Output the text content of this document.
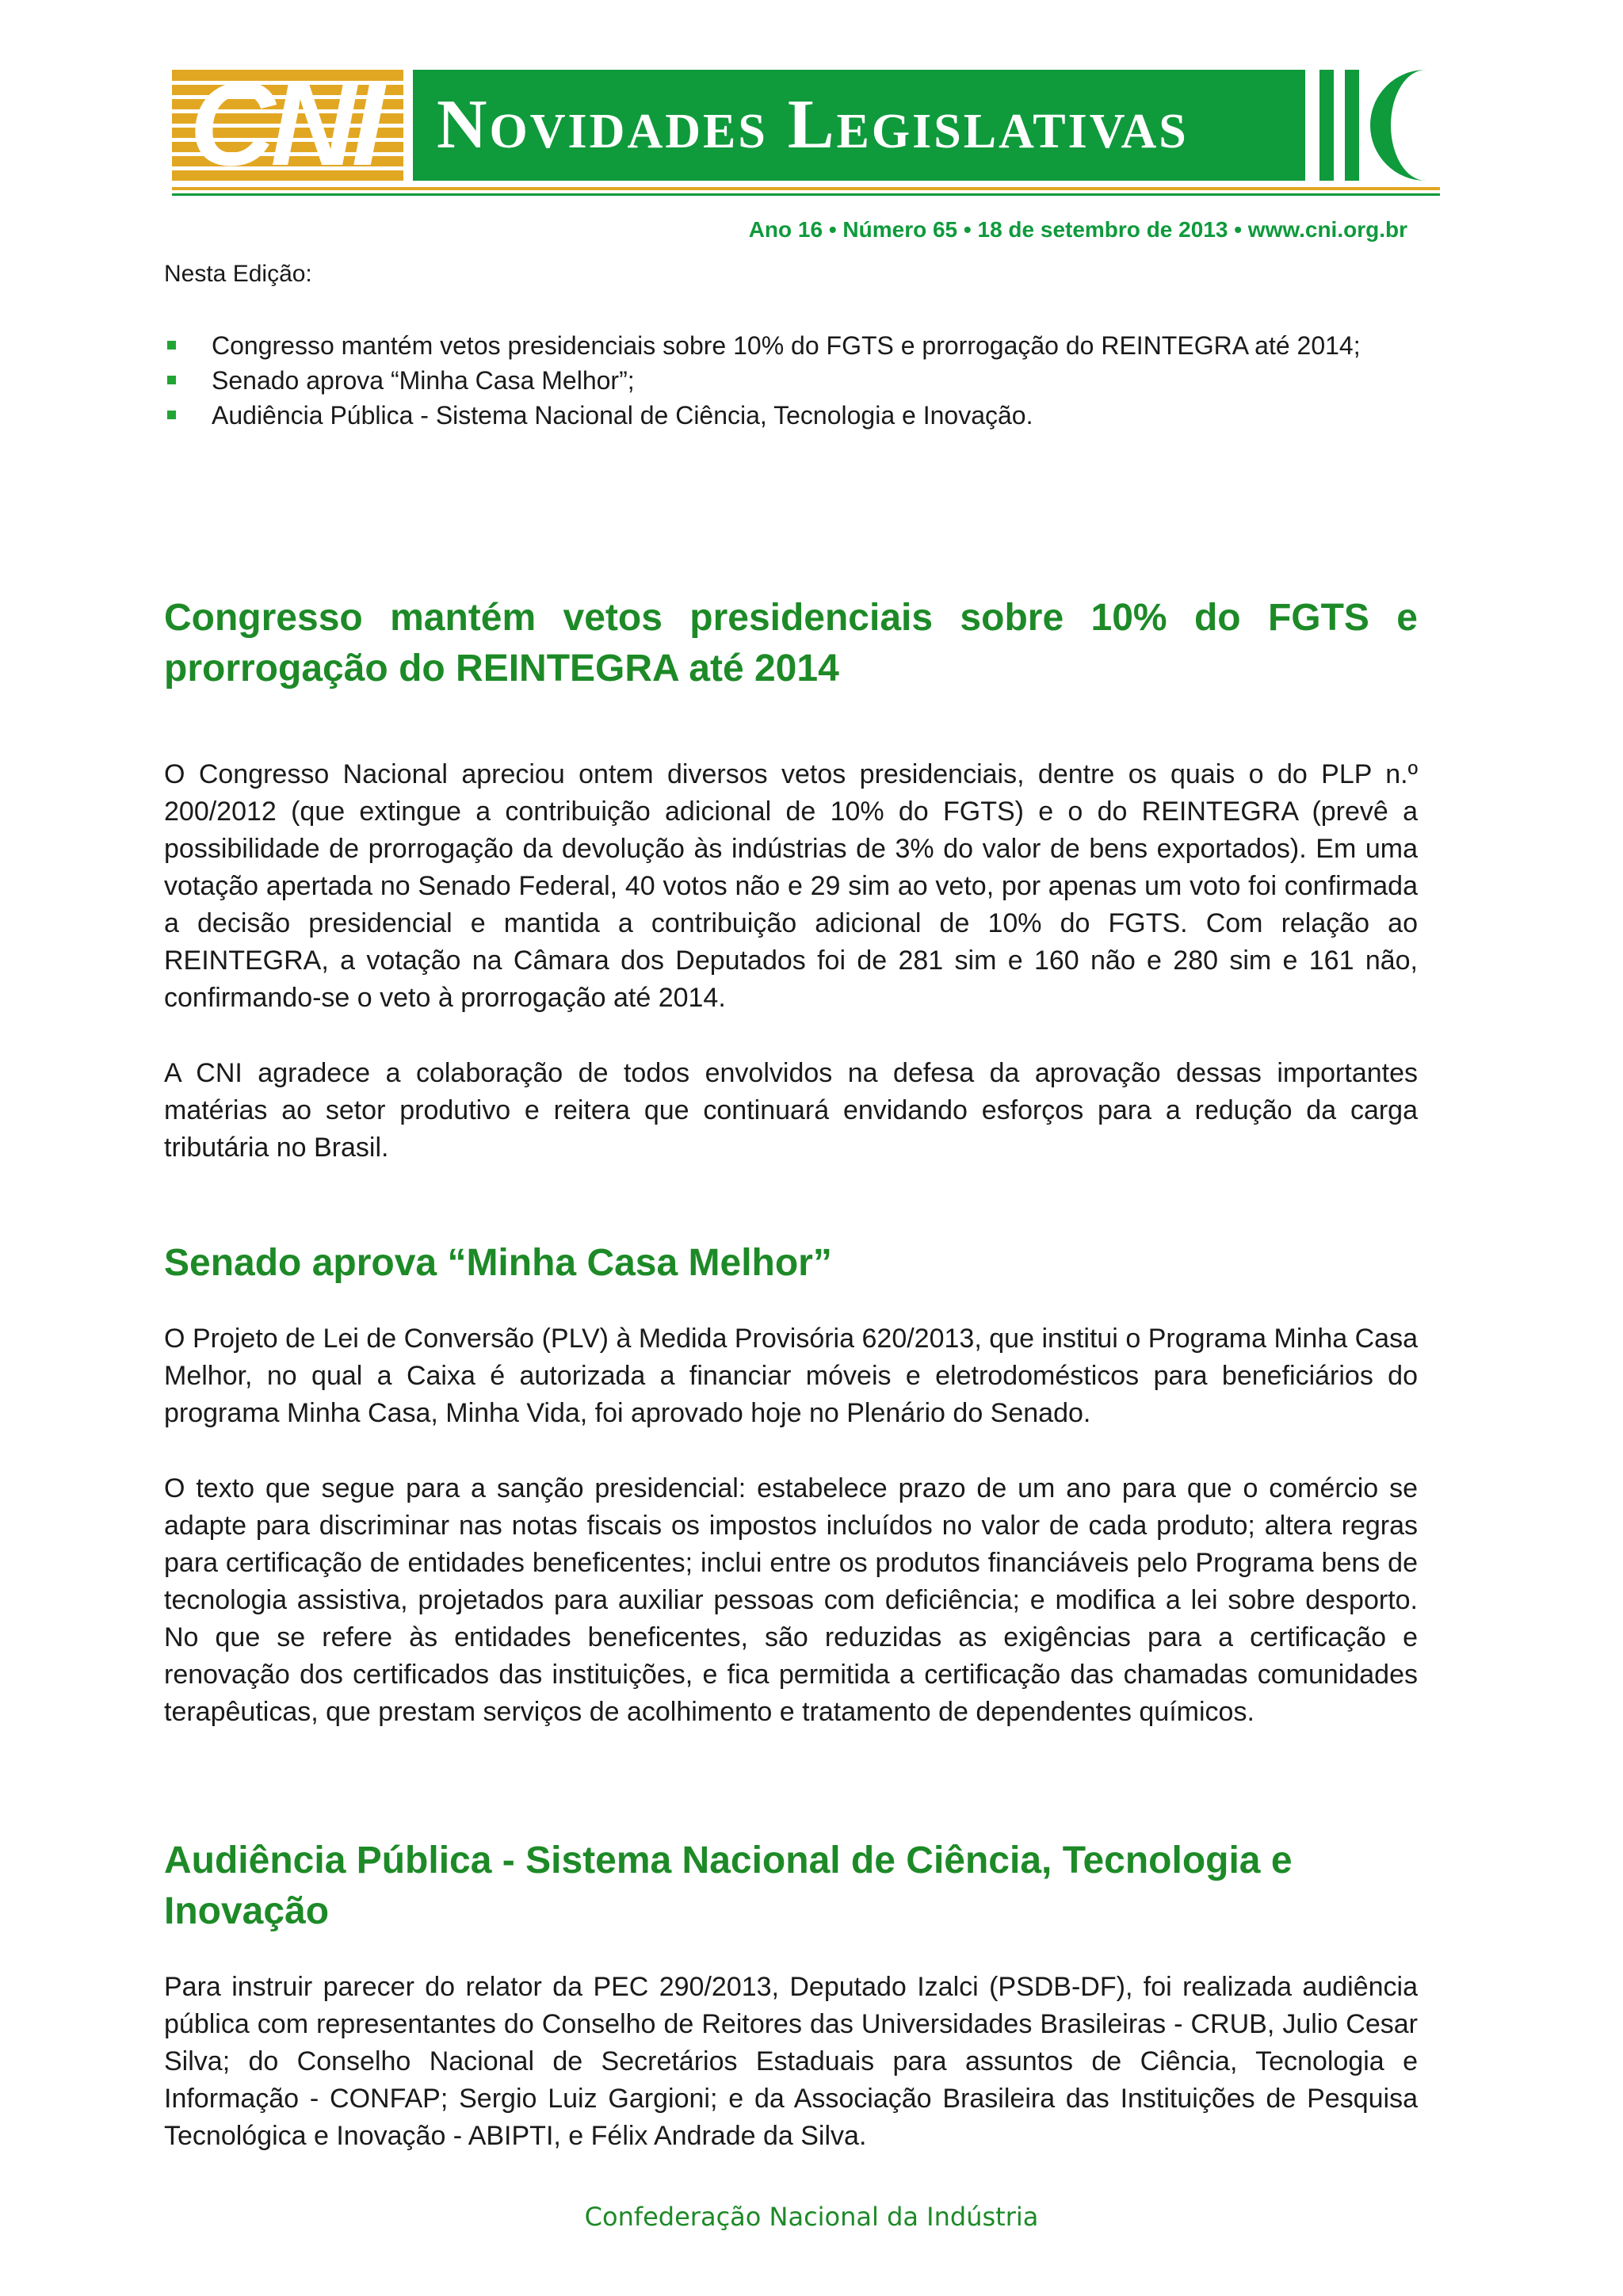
CNI Novidades Legislativas
Ano 16 • Número 65 • 18 de setembro de 2013 • www.cni.org.br

Nesta Edição:

Congresso mantém vetos presidenciais sobre 10% do FGTS e prorrogação do REINTEGRA até 2014;
Senado aprova “Minha Casa Melhor”;
Audiência Pública - Sistema Nacional de Ciência, Tecnologia e Inovação.
Congresso mantém vetos presidenciais sobre 10% do FGTS e
prorrogação do REINTEGRA até 2014

O Congresso Nacional apreciou ontem diversos vetos presidenciais, dentre os quais o do PLP n.º 200/2012 (que extingue a contribuição adicional de 10% do FGTS) e o do REINTEGRA (prevê a possibilidade de prorrogação da devolução às indústrias de 3% do valor de bens exportados). Em uma votação apertada no Senado Federal, 40 votos não e 29 sim ao veto, por apenas um voto foi confirmada a decisão presidencial e mantida a contribuição adicional de 10% do FGTS. Com relação ao REINTEGRA, a votação na Câmara dos Deputados foi de 281 sim e 160 não e 280 sim e 161 não, confirmando-se o veto à prorrogação até 2014.

A CNI agradece a colaboração de todos envolvidos na defesa da aprovação dessas importantes matérias ao setor produtivo e reitera que continuará envidando esforços para a redução da carga tributária no Brasil.

Senado aprova “Minha Casa Melhor”

O Projeto de Lei de Conversão (PLV) à Medida Provisória 620/2013, que institui o Programa Minha Casa Melhor, no qual a Caixa é autorizada a financiar móveis e eletrodomésticos para beneficiários do programa Minha Casa, Minha Vida, foi aprovado hoje no Plenário do Senado.

O texto que segue para a sanção presidencial: estabelece prazo de um ano para que o comércio se adapte para discriminar nas notas fiscais os impostos incluídos no valor de cada produto; altera regras para certificação de entidades beneficentes; inclui entre os produtos financiáveis pelo Programa bens de tecnologia assistiva, projetados para auxiliar pessoas com deficiência; e modifica a lei sobre desporto. No que se refere às entidades beneficentes, são reduzidas as exigências para a certificação e renovação dos certificados das instituições, e fica permitida a certificação das chamadas comunidades terapêuticas, que prestam serviços de acolhimento e tratamento de dependentes químicos.

Audiência Pública - Sistema Nacional de Ciência, Tecnologia e Inovação

Para instruir parecer do relator da PEC 290/2013, Deputado Izalci (PSDB-DF), foi realizada audiência pública com representantes do Conselho de Reitores das Universidades Brasileiras - CRUB, Julio Cesar Silva; do Conselho Nacional de Secretários Estaduais para assuntos de Ciência, Tecnologia e Informação - CONFAP; Sergio Luiz Gargioni; e da Associação Brasileira das Instituições de Pesquisa Tecnológica e Inovação - ABIPTI, e Félix Andrade da Silva.

Confederação Nacional da Indústria
